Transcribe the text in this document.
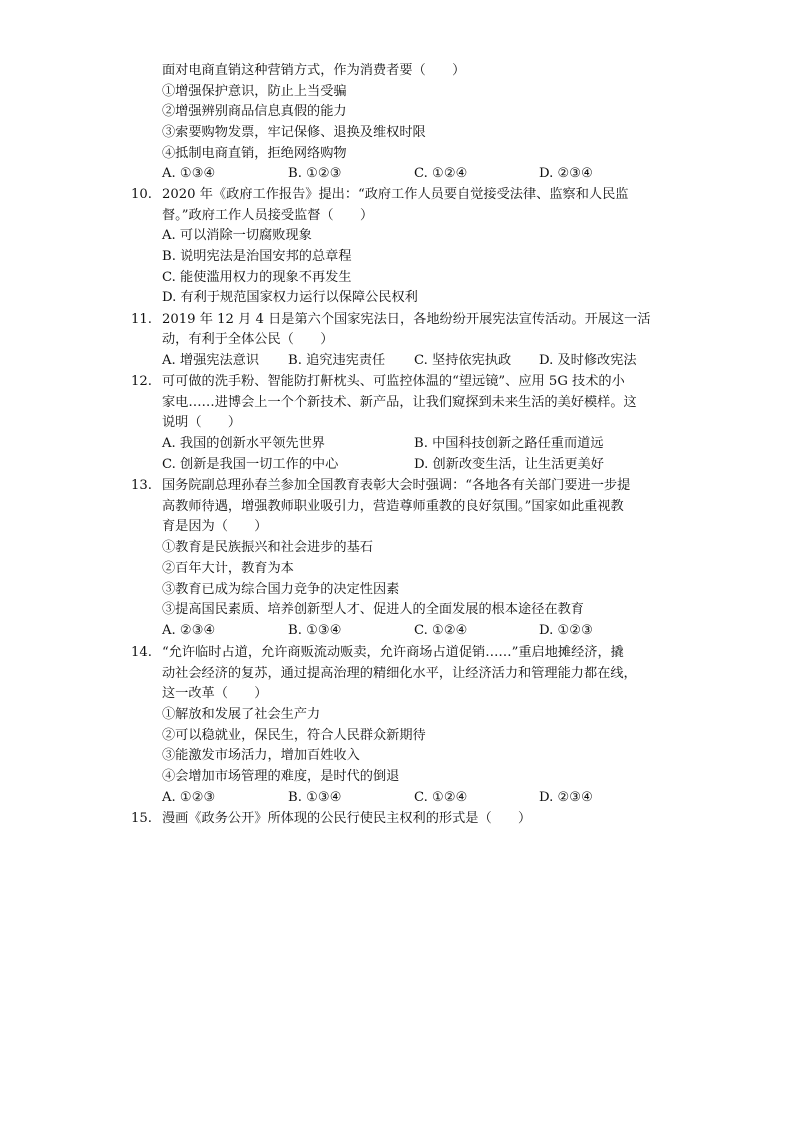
面对电商直销这种营销方式，作为消费者要（　　）
①增强保护意识，防止上当受骗
②增强辨别商品信息真假的能力
③索要购物发票，牢记保修、退换及维权时限
④抵制电商直销，拒绝网络购物
A. ①③④	B. ①②③	C. ①②④	D. ②③④
10. 2020 年《政府工作报告》提出：“政府工作人员要自觉接受法律、监察和人民监
督。”政府工作人员接受监督（　　）
A. 可以消除一切腐败现象
B. 说明宪法是治国安邦的总章程
C. 能使滥用权力的现象不再发生
D. 有利于规范国家权力运行以保障公民权利
11. 2019 年 12 月 4 日是第六个国家宪法日，各地纷纷开展宪法宣传活动。开展这一活
动，有利于全体公民（　　）
A. 增强宪法意识 B. 追究违宪责任 C. 坚持依宪执政 D. 及时修改宪法
12. 可可做的洗手粉、智能防打鼾枕头、可监控体温的“望远镜”、应用 5G 技术的小
家电……进博会上一个个新技术、新产品，让我们窥探到未来生活的美好模样。这
说明（　　）
A. 我国的创新水平领先世界	B. 中国科技创新之路任重而道远
C. 创新是我国一切工作的中心	D. 创新改变生活，让生活更美好
13. 国务院副总理孙春兰参加全国教育表彰大会时强调：“各地各有关部门要进一步提
高教师待遇，增强教师职业吸引力，营造尊师重教的良好氛围。”国家如此重视教
育是因为（　　）
①教育是民族振兴和社会进步的基石
②百年大计，教育为本
③教育已成为综合国力竞争的决定性因素
③提高国民素质、培养创新型人才、促进人的全面发展的根本途径在教育
A. ②③④	B. ①③④	C. ①②④	D. ①②③
14. “允许临时占道，允许商贩流动贩卖，允许商场占道促销……”重启地摊经济，撬
动社会经济的复苏，通过提高治理的精细化水平，让经济活力和管理能力都在线，
这一改革（　　）
①解放和发展了社会生产力
②可以稳就业，保民生，符合人民群众新期待
③能激发市场活力，增加百姓收入
④会增加市场管理的难度，是时代的倒退
A. ①②③	B. ①③④	C. ①②④	D. ②③④
15. 漫画《政务公开》所体现的公民行使民主权利的形式是（　　）
